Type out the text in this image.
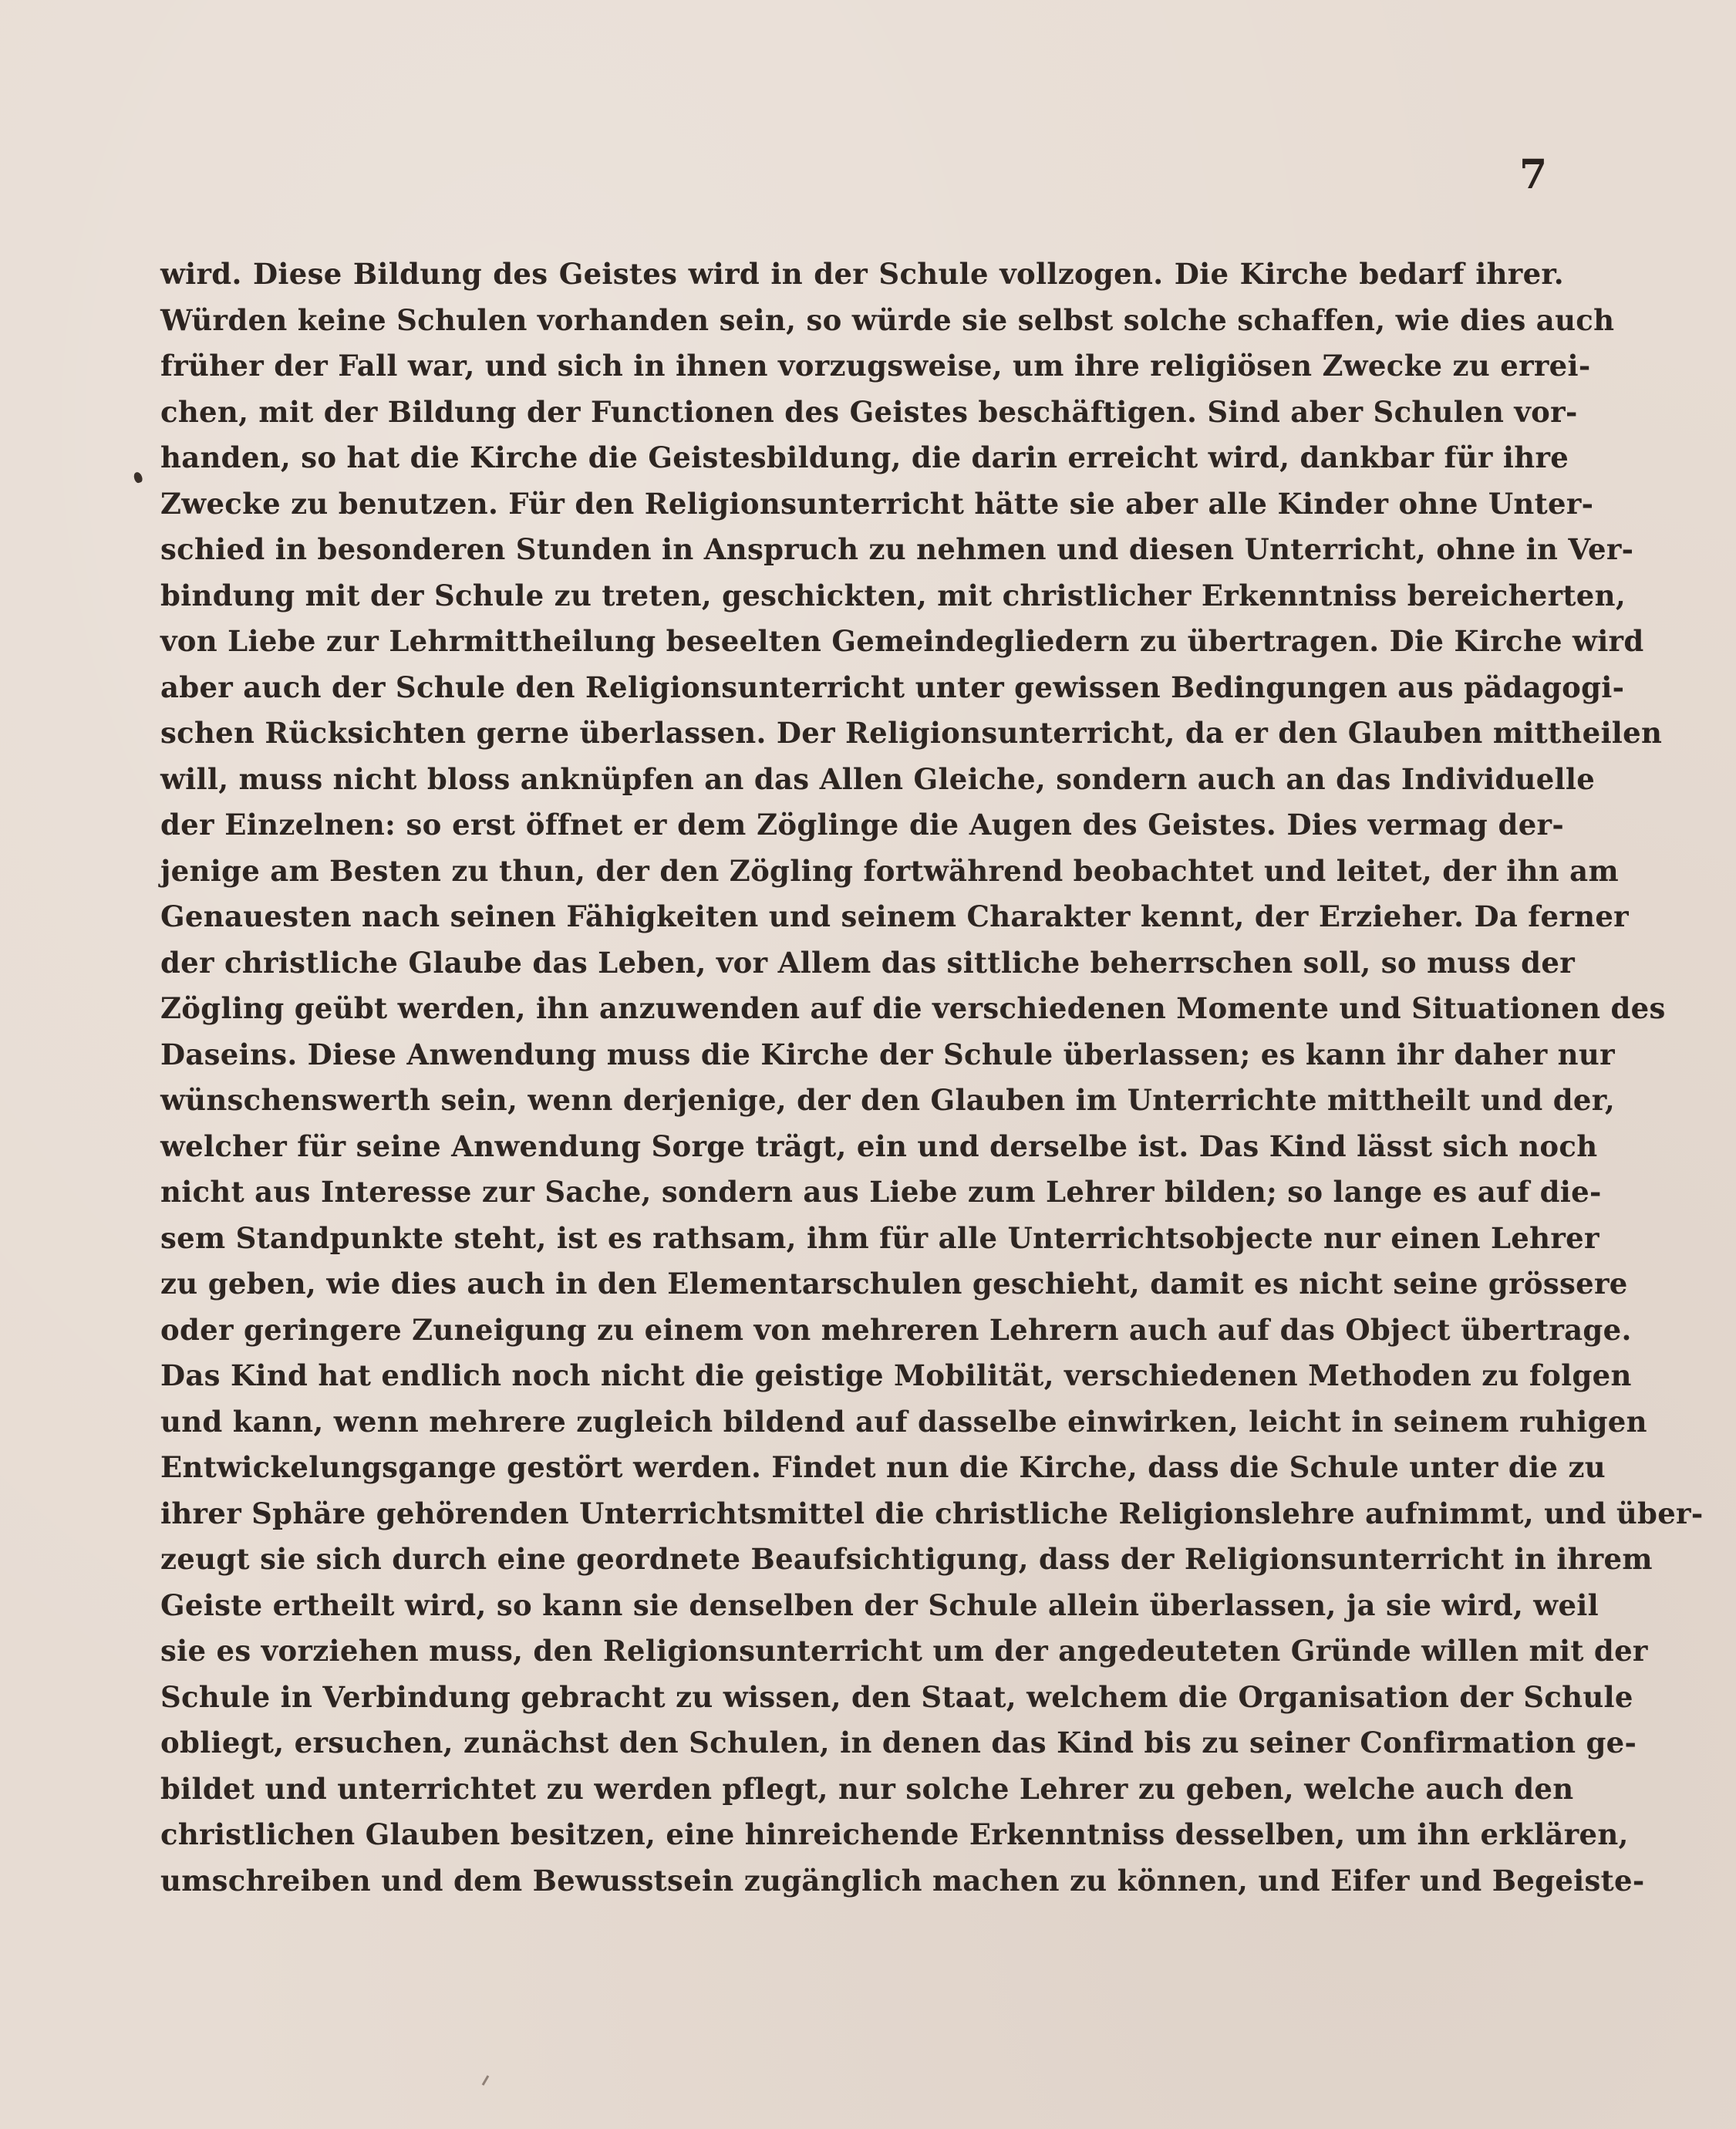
7
wird. Diese Bildung des Geistes wird in der Schule vollzogen. Die Kirche bedarf ihrer.
Würden keine Schulen vorhanden sein, so würde sie selbst solche schaffen, wie dies auch
früher der Fall war, und sich in ihnen vorzugsweise, um ihre religiösen Zwecke zu errei-
chen, mit der Bildung der Functionen des Geistes beschäftigen. Sind aber Schulen vor-
handen, so hat die Kirche die Geistesbildung, die darin erreicht wird, dankbar für ihre
Zwecke zu benutzen. Für den Religionsunterricht hätte sie aber alle Kinder ohne Unter-
schied in besonderen Stunden in Anspruch zu nehmen und diesen Unterricht, ohne in Ver-
bindung mit der Schule zu treten, geschickten, mit christlicher Erkenntniss bereicherten,
von Liebe zur Lehrmittheilung beseelten Gemeindegliedern zu übertragen. Die Kirche wird
aber auch der Schule den Religionsunterricht unter gewissen Bedingungen aus pädagogi-
schen Rücksichten gerne überlassen. Der Religionsunterricht, da er den Glauben mittheilen
will, muss nicht bloss anknüpfen an das Allen Gleiche, sondern auch an das Individuelle
der Einzelnen: so erst öffnet er dem Zöglinge die Augen des Geistes. Dies vermag der-
jenige am Besten zu thun, der den Zögling fortwährend beobachtet und leitet, der ihn am
Genauesten nach seinen Fähigkeiten und seinem Charakter kennt, der Erzieher. Da ferner
der christliche Glaube das Leben, vor Allem das sittliche beherrschen soll, so muss der
Zögling geübt werden, ihn anzuwenden auf die verschiedenen Momente und Situationen des
Daseins. Diese Anwendung muss die Kirche der Schule überlassen; es kann ihr daher nur
wünschenswerth sein, wenn derjenige, der den Glauben im Unterrichte mittheilt und der,
welcher für seine Anwendung Sorge trägt, ein und derselbe ist. Das Kind lässt sich noch
nicht aus Interesse zur Sache, sondern aus Liebe zum Lehrer bilden; so lange es auf die-
sem Standpunkte steht, ist es rathsam, ihm für alle Unterrichtsobjecte nur einen Lehrer
zu geben, wie dies auch in den Elementarschulen geschieht, damit es nicht seine grössere
oder geringere Zuneigung zu einem von mehreren Lehrern auch auf das Object übertrage.
Das Kind hat endlich noch nicht die geistige Mobilität, verschiedenen Methoden zu folgen
und kann, wenn mehrere zugleich bildend auf dasselbe einwirken, leicht in seinem ruhigen
Entwickelungsgange gestört werden. Findet nun die Kirche, dass die Schule unter die zu
ihrer Sphäre gehörenden Unterrichtsmittel die christliche Religionslehre aufnimmt, und über-
zeugt sie sich durch eine geordnete Beaufsichtigung, dass der Religionsunterricht in ihrem
Geiste ertheilt wird, so kann sie denselben der Schule allein überlassen, ja sie wird, weil
sie es vorziehen muss, den Religionsunterricht um der angedeuteten Gründe willen mit der
Schule in Verbindung gebracht zu wissen, den Staat, welchem die Organisation der Schule
obliegt, ersuchen, zunächst den Schulen, in denen das Kind bis zu seiner Confirmation ge-
bildet und unterrichtet zu werden pflegt, nur solche Lehrer zu geben, welche auch den
christlichen Glauben besitzen, eine hinreichende Erkenntniss desselben, um ihn erklären,
umschreiben und dem Bewusstsein zugänglich machen zu können, und Eifer und Begeiste-
